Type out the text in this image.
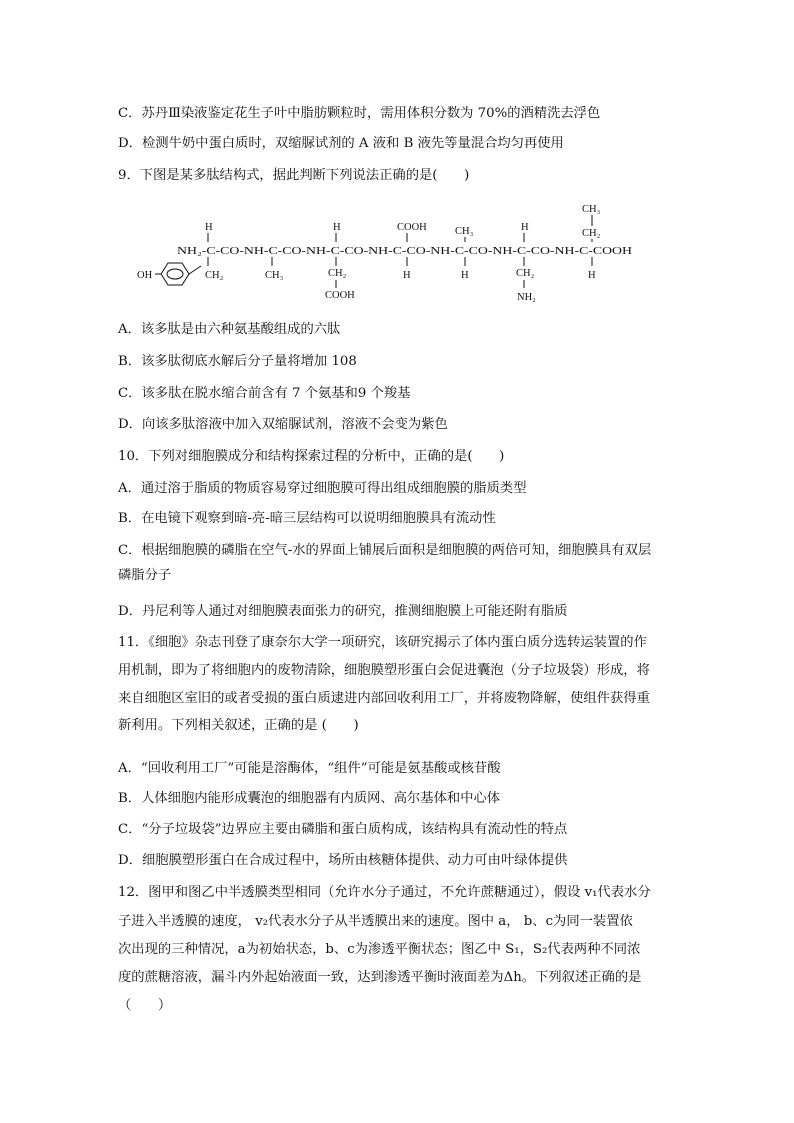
C．苏丹Ⅲ染液鉴定花生子叶中脂肪颗粒时，需用体积分数为 70%的酒精洗去浮色
D．检测牛奶中蛋白质时，双缩脲试剂的 A 液和 B 液先等量混合均匀再使用
9．下图是某多肽结构式，据此判断下列说法正确的是(　　)
H	H	COOH	CH₃	H
CH₃
CH₂
NH₂-C-CO-NH-C-CO-NH-C-CO-NH-C-CO-NH-C-CO-NH-C-CO-NH-C-COOH
CH₂	CH₃	CH₂	H	H	CH₂	H
COOH	NH₂
OH
A．该多肽是由六种氨基酸组成的六肽
B．该多肽彻底水解后分子量将增加 108
C．该多肽在脱水缩合前含有 7 个氨基和9 个羧基
D．向该多肽溶液中加入双缩脲试剂，溶液不会变为紫色
10．下列对细胞膜成分和结构探索过程的分析中，正确的是(　　)
A．通过溶于脂质的物质容易穿过细胞膜可得出组成细胞膜的脂质类型
B．在电镜下观察到暗-亮-暗三层结构可以说明细胞膜具有流动性
C．根据细胞膜的磷脂在空气-水的界面上铺展后面积是细胞膜的两倍可知，细胞膜具有双层
磷脂分子
D．丹尼利等人通过对细胞膜表面张力的研究，推测细胞膜上可能还附有脂质
11．《细胞》杂志刊登了康奈尔大学一项研究，该研究揭示了体内蛋白质分选转运装置的作
用机制，即为了将细胞内的废物清除，细胞膜塑形蛋白会促进囊泡（分子垃圾袋）形成，将
来自细胞区室旧的或者受损的蛋白质逮进内部回收利用工厂，并将废物降解，使组件获得重
新利用。下列相关叙述，正确的是 (　　)
A．“回收利用工厂”可能是溶酶体，“组件”可能是氨基酸或核苷酸
B．人体细胞内能形成囊泡的细胞器有内质网、高尔基体和中心体
C．“分子垃圾袋”边界应主要由磷脂和蛋白质构成，该结构具有流动性的特点
D．细胞膜塑形蛋白在合成过程中，场所由核糖体提供、动力可由叶绿体提供
12．图甲和图乙中半透膜类型相同（允许水分子通过，不允许蔗糖通过），假设 v₁代表水分
子进入半透膜的速度， v₂代表水分子从半透膜出来的速度。图中 a， b、c为同一装置依
次出现的三种情况，a为初始状态，b、c为渗透平衡状态；图乙中 S₁，S₂代表两种不同浓
度的蔗糖溶液，漏斗内外起始液面一致，达到渗透平衡时液面差为Δh。下列叙述正确的是
（　　）
